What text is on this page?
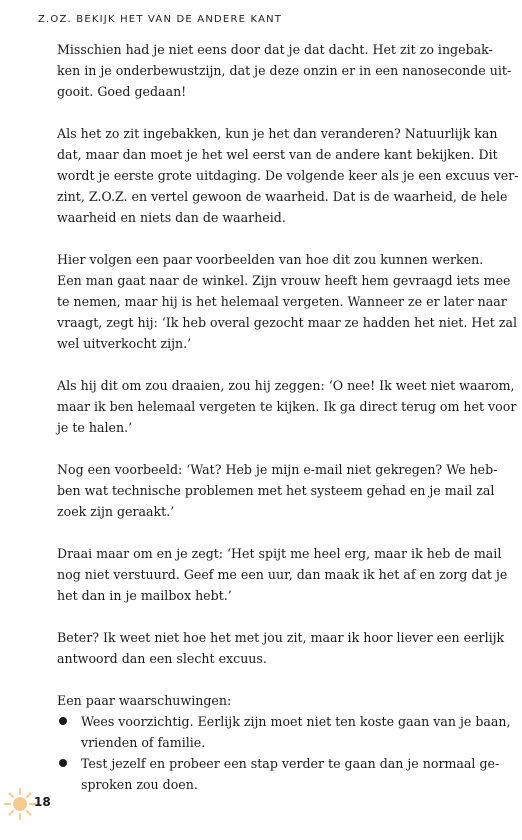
Z.OZ. BEKIJK HET VAN DE ANDERE KANT

Misschien had je niet eens door dat je dat dacht. Het zit zo ingebak-
ken in je onderbewustzijn, dat je deze onzin er in een nanoseconde uit-
gooit. Goed gedaan!

Als het zo zit ingebakken, kun je het dan veranderen? Natuurlijk kan
dat, maar dan moet je het wel eerst van de andere kant bekijken. Dit
wordt je eerste grote uitdaging. De volgende keer als je een excuus ver-
zint, Z.O.Z. en vertel gewoon de waarheid. Dat is de waarheid, de hele
waarheid en niets dan de waarheid.

Hier volgen een paar voorbeelden van hoe dit zou kunnen werken.
Een man gaat naar de winkel. Zijn vrouw heeft hem gevraagd iets mee
te nemen, maar hij is het helemaal vergeten. Wanneer ze er later naar
vraagt, zegt hij: ‘Ik heb overal gezocht maar ze hadden het niet. Het zal
wel uitverkocht zijn.’

Als hij dit om zou draaien, zou hij zeggen: ‘O nee! Ik weet niet waarom,
maar ik ben helemaal vergeten te kijken. Ik ga direct terug om het voor
je te halen.’

Nog een voorbeeld: ‘Wat? Heb je mijn e-mail niet gekregen? We heb-
ben wat technische problemen met het systeem gehad en je mail zal
zoek zijn geraakt.’

Draai maar om en je zegt: ‘Het spijt me heel erg, maar ik heb de mail
nog niet verstuurd. Geef me een uur, dan maak ik het af en zorg dat je
het dan in je mailbox hebt.’

Beter? Ik weet niet hoe het met jou zit, maar ik hoor liever een eerlijk
antwoord dan een slecht excuus.

Een paar waarschuwingen:
Wees voorzichtig. Eerlijk zijn moet niet ten koste gaan van je baan,
vrienden of familie.
Test jezelf en probeer een stap verder te gaan dan je normaal ge-
sproken zou doen.
18
